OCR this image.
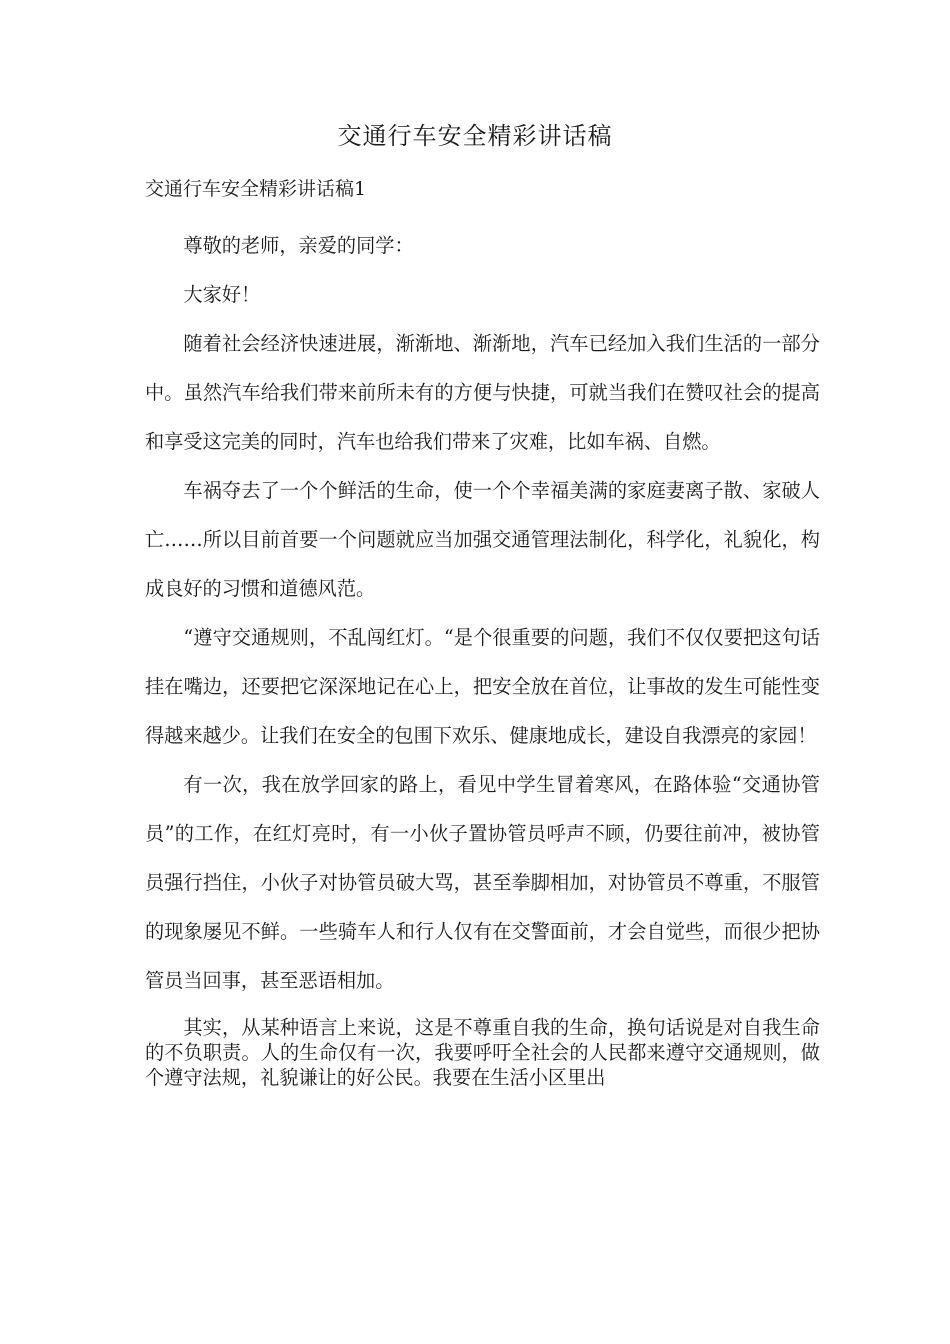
交通行车安全精彩讲话稿
交通行车安全精彩讲话稿1

尊敬的老师，亲爱的同学：

大家好！

随着社会经济快速进展，渐渐地、渐渐地，汽车已经加入我们生活的一部分中。虽然汽车给我们带来前所未有的方便与快捷，可就当我们在赞叹社会的提高和享受这完美的同时，汽车也给我们带来了灾难，比如车祸、自燃。

车祸夺去了一个个鲜活的生命，使一个个幸福美满的家庭妻离子散、家破人亡……所以目前首要一个问题就应当加强交通管理法制化，科学化，礼貌化，构成良好的习惯和道德风范。

“遵守交通规则，不乱闯红灯。“是个很重要的问题，我们不仅仅要把这句话挂在嘴边，还要把它深深地记在心上，把安全放在首位，让事故的发生可能性变得越来越少。让我们在安全的包围下欢乐、健康地成长，建设自我漂亮的家园！

有一次，我在放学回家的路上，看见中学生冒着寒风，在路体验“交通协管员”的工作，在红灯亮时，有一小伙子置协管员呼声不顾，仍要往前冲，被协管员强行挡住，小伙子对协管员破大骂，甚至拳脚相加，对协管员不尊重，不服管的现象屡见不鲜。一些骑车人和行人仅有在交警面前，才会自觉些，而很少把协管员当回事，甚至恶语相加。

其实，从某种语言上来说，这是不尊重自我的生命，换句话说是对自我生命的不负职责。人的生命仅有一次，我要呼吁全社会的人民都来遵守交通规则，做个遵守法规，礼貌谦让的好公民。我要在生活小区里出
